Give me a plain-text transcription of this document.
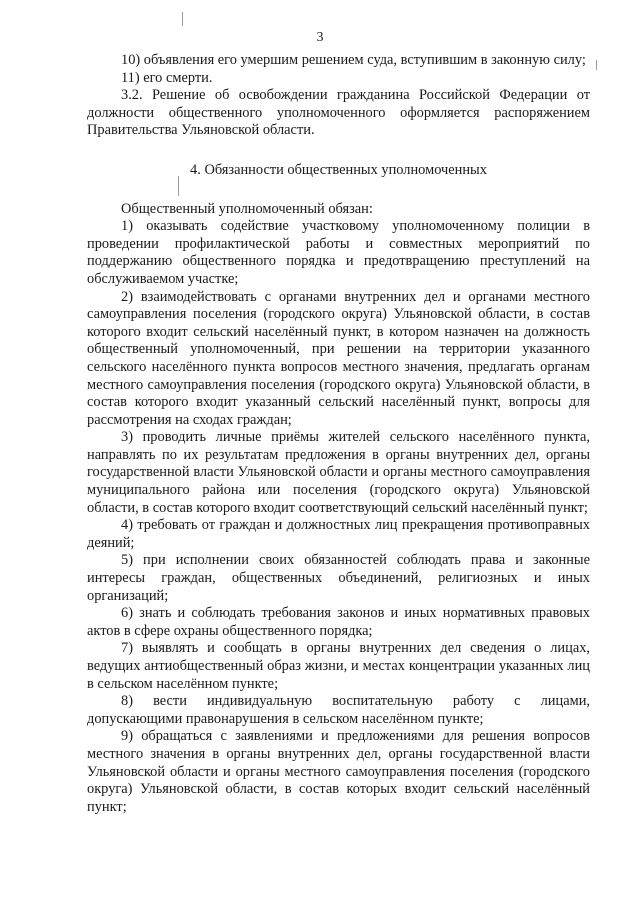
3

10) объявления его умершим решением суда, вступившим в законную силу;

11) его смерти.

3.2. Решение об освобождении гражданина Российской Федерации от должности общественного уполномоченного оформляется распоряжением Правительства Ульяновской области.

4. Обязанности общественных уполномоченных

Общественный уполномоченный обязан:

1) оказывать содействие участковому уполномоченному полиции в проведении профилактической работы и совместных мероприятий по поддержанию общественного порядка и предотвращению преступлений на обслуживаемом участке;

2) взаимодействовать с органами внутренних дел и органами местного самоуправления поселения (городского округа) Ульяновской области, в состав которого входит сельский населённый пункт, в котором назначен на должность общественный уполномоченный, при решении на территории указанного сельского населённого пункта вопросов местного значения, предлагать органам местного самоуправления поселения (городского округа) Ульяновской области, в состав которого входит указанный сельский населённый пункт, вопросы для рассмотрения на сходах граждан;

3) проводить личные приёмы жителей сельского населённого пункта, направлять по их результатам предложения в органы внутренних дел, органы государственной власти Ульяновской области и органы местного самоуправления муниципального района или поселения (городского округа) Ульяновской области, в состав которого входит соответствующий сельский населённый пункт;

4) требовать от граждан и должностных лиц прекращения противоправных деяний;

5) при исполнении своих обязанностей соблюдать права и законные интересы граждан, общественных объединений, религиозных и иных организаций;

6) знать и соблюдать требования законов и иных нормативных правовых актов в сфере охраны общественного порядка;

7) выявлять и сообщать в органы внутренних дел сведения о лицах, ведущих антиобщественный образ жизни, и местах концентрации указанных лиц в сельском населённом пункте;

8) вести индивидуальную воспитательную работу с лицами, допускающими правонарушения в сельском населённом пункте;

9) обращаться с заявлениями и предложениями для решения вопросов местного значения в органы внутренних дел, органы государственной власти Ульяновской области и органы местного самоуправления поселения (городского округа) Ульяновской области, в состав которых входит сельский населённый пункт;
